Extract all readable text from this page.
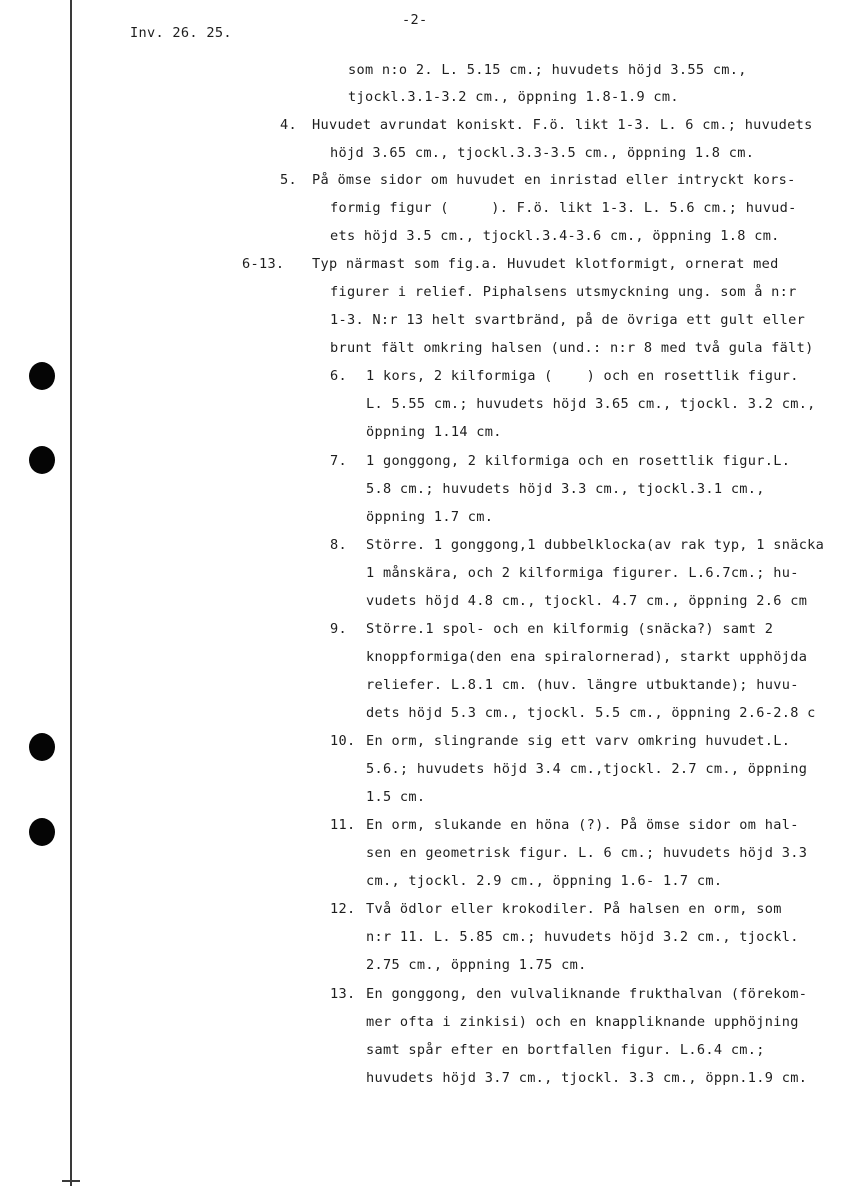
Inv. 26. 25.
-2-
som n:o 2. L. 5.15 cm.; huvudets höjd 3.55 cm.,
tjockl.3.1-3.2 cm., öppning 1.8-1.9 cm.
4. Huvudet avrundat koniskt. F.ö. likt 1-3. L. 6 cm.; huvudets
höjd 3.65 cm., tjockl.3.3-3.5 cm., öppning 1.8 cm.
5. På ömse sidor om huvudet en inristad eller intryckt kors-
formig figur (     ). F.ö. likt 1-3. L. 5.6 cm.; huvud-
ets höjd 3.5 cm., tjockl.3.4-3.6 cm., öppning 1.8 cm.
6-13. Typ närmast som fig.a. Huvudet klotformigt, ornerat med
figurer i relief. Piphalsens utsmyckning ung. som å n:r
1-3. N:r 13 helt svartbränd, på de övriga ett gult eller
brunt fält omkring halsen (und.: n:r 8 med två gula fält)
6. 1 kors, 2 kilformiga (    ) och en rosettlik figur.
L. 5.55 cm.; huvudets höjd 3.65 cm., tjockl. 3.2 cm.,
öppning 1.14 cm.
7. 1 gonggong, 2 kilformiga och en rosettlik figur.L.
5.8 cm.; huvudets höjd 3.3 cm., tjockl.3.1 cm.,
öppning 1.7 cm.
8. Större. 1 gonggong,1 dubbelklocka(av rak typ, 1 snäcka
1 månskära, och 2 kilformiga figurer. L.6.7cm.; hu-
vudets höjd 4.8 cm., tjockl. 4.7 cm., öppning 2.6 cm
9. Större.1 spol- och en kilformig (snäcka?) samt 2
knoppformiga(den ena spiralornerad), starkt upphöjda
reliefer. L.8.1 cm. (huv. längre utbuktande); huvu-
dets höjd 5.3 cm., tjockl. 5.5 cm., öppning 2.6-2.8 c
10. En orm, slingrande sig ett varv omkring huvudet.L.
5.6.; huvudets höjd 3.4 cm.,tjockl. 2.7 cm., öppning
1.5 cm.
11. En orm, slukande en höna (?). På ömse sidor om hal-
sen en geometrisk figur. L. 6 cm.; huvudets höjd 3.3
cm., tjockl. 2.9 cm., öppning 1.6- 1.7 cm.
12. Två ödlor eller krokodiler. På halsen en orm, som
n:r 11. L. 5.85 cm.; huvudets höjd 3.2 cm., tjockl.
2.75 cm., öppning 1.75 cm.
13. En gonggong, den vulvaliknande frukthalvan (förekom-
mer ofta i zinkisi) och en knappliknande upphöjning
samt spår efter en bortfallen figur. L.6.4 cm.;
huvudets höjd 3.7 cm., tjockl. 3.3 cm., öppn.1.9 cm.
